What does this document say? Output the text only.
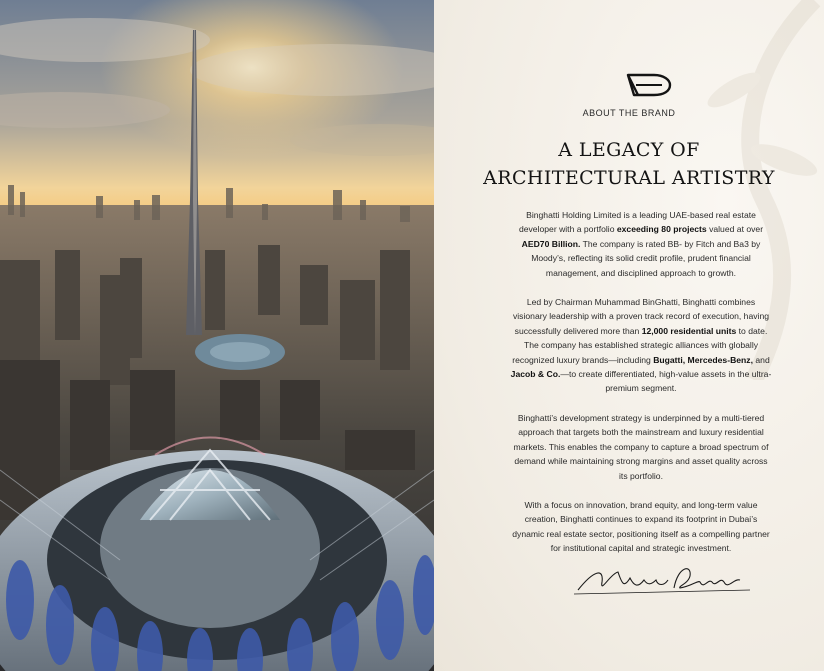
ABOUT THE BRAND
A LEGACY OF
ARCHITECTURAL ARTISTRY

Binghatti Holding Limited is a leading UAE-based real estate developer with a portfolio exceeding 80 projects valued at over AED70 Billion. The company is rated BB- by Fitch and Ba3 by Moody’s, reflecting its solid credit profile, prudent financial management, and disciplined approach to growth.

Led by Chairman Muhammad BinGhatti, Binghatti combines visionary leadership with a proven track record of execution, having successfully delivered more than 12,000 residential units to date. The company has established strategic alliances with globally recognized luxury brands—including Bugatti, Mercedes-Benz, and Jacob & Co.—to create differentiated, high-value assets in the ultra-premium segment.

Binghatti’s development strategy is underpinned by a multi-tiered approach that targets both the mainstream and luxury residential markets. This enables the company to capture a broad spectrum of demand while maintaining strong margins and asset quality across its portfolio.

With a focus on innovation, brand equity, and long-term value creation, Binghatti continues to expand its footprint in Dubai’s dynamic real estate sector, positioning itself as a compelling partner for institutional capital and strategic investment.
